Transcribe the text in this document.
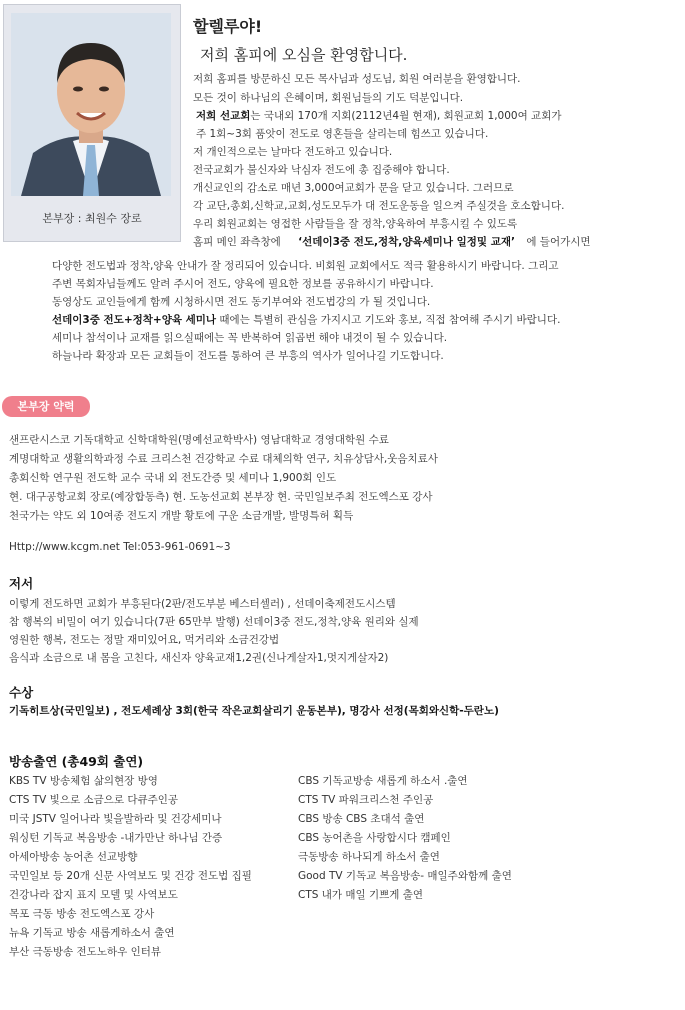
본부장 : 최원수 장로
할렐루야!
저희 홈피에 오심을 환영합니다.
저희 홈피를 방문하신 모든 목사님과 성도님, 회원 여러분을 환영합니다.
모든 것이 하나님의 은혜이며, 회원님들의 기도 덕분입니다.
저희 선교회는 국내외 170개 지회(2112년4월 현재), 회원교회 1,000여 교회가
주 1회~3회 품앗이 전도로 영혼들을 살리는데 힘쓰고 있습니다.
저 개인적으로는 날마다 전도하고 있습니다.
전국교회가 불신자와 낙심자 전도에 총 집중해야 합니다.
개신교인의 감소로 매년 3,000여교회가 문을 닫고 있습니다. 그러므로
각 교단,총회,신학교,교회,성도모두가 대 전도운동을 일으켜 주실것을 호소합니다.
우리 회원교회는 영접한 사람들을 잘 정착,양육하여 부흥시킬 수 있도록
홈피 메인 좌측창에 ‘선데이3중 전도,정착,양육세미나 일정및 교재’ 에 들어가시면
다양한 전도법과 정착,양육 안내가 잘 정리되어 있습니다. 비회원 교회에서도 적극 활용하시기 바랍니다. 그리고
주변 목회자님들께도 알려 주시어 전도, 양육에 필요한 정보를 공유하시기 바랍니다.
동영상도 교인들에게 함께 시청하시면 전도 동기부여와 전도법강의 가 될 것입니다.
선데이3중 전도+정착+양육 세미나 때에는 특별히 관심을 가지시고 기도와 홍보, 직접 참여해 주시기 바랍니다.
세미나 참석이나 교재를 읽으실때에는 꼭 반복하여 읽곱번 해야 내것이 될 수 있습니다.
하늘나라 확장과 모든 교회들이 전도를 통하여 큰 부흥의 역사가 일어나길 기도합니다.
본부장 약력
샌프란시스코 기독대학교 신학대학원(명예선교학박사) 영남대학교 경영대학원 수료
계명대학교 생활의학과정 수료 크리스천 건강학교 수료 대체의학 연구, 치유상담사,웃음치료사
총회신학 연구원 전도학 교수 국내 외 전도간증 및 세미나 1,900회 인도
현. 대구공항교회 장로(예장합동측) 현. 도농선교회 본부장 현. 국민일보주최 전도엑스포 강사
천국가는 약도 외 10여종 전도지 개발 황토에 구운 소금개발, 발명특허 획득
Http://www.kcgm.net Tel:053-961-0691~3
저서
이렇게 전도하면 교회가 부흥된다(2판/전도부분 베스터셀러) , 선데이축제전도시스템
참 행복의 비밀이 여기 있습니다(7판 65만부 발행) 선데이3중 전도,정착,양육 원리와 실제
영원한 행복, 전도는 정말 재미있어요, 먹거리와 소금건강법
음식과 소금으로 내 몸을 고친다, 새신자 양육교재1,2권(신나게살자1,멋지게살자2)
수상
기독히트상(국민일보) , 전도세례상 3회(한국 작은교회살리기 운동본부), 명강사 선정(목회와신학-두란노)
방송출연 (총49회 출연)
KBS TV 방송체험 삶의현장 방영
CTS TV 빛으로 소금으로 다큐주인공
미국 JSTV 일어나라 빛을발하라 및 건강세미나
워싱턴 기독교 복음방송 -내가만난 하나님 간증
아세아방송 농어촌 선교방향
국민일보 등 20개 신문 사역보도 및 건강 전도법 집필
건강나라 잡지 표지 모델 및 사역보도
목포 극동 방송 전도엑스포 강사
뉴욕 기독교 방송 새롭게하소서 출연
부산 극동방송 전도노하우 인터뷰
CBS 기독교방송 새롭게 하소서 .출연
CTS TV 파워크리스천 주인공
CBS 방송 CBS 초대석 출연
CBS 농어촌을 사랑합시다 캠페인
극동방송 하나되게 하소서 출연
Good TV 기독교 복음방송- 매일주와함께 출연
CTS 내가 매일 기쁘게 출연
